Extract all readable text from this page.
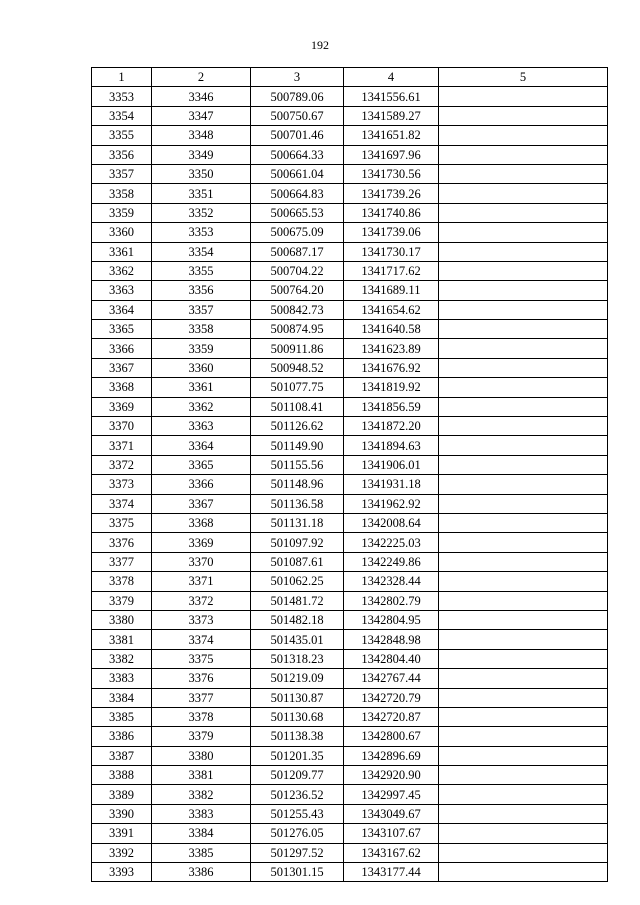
192
1	2	3	4	5
3353	3346	500789.06	1341556.61	
3354	3347	500750.67	1341589.27	
3355	3348	500701.46	1341651.82	
3356	3349	500664.33	1341697.96	
3357	3350	500661.04	1341730.56	
3358	3351	500664.83	1341739.26	
3359	3352	500665.53	1341740.86	
3360	3353	500675.09	1341739.06	
3361	3354	500687.17	1341730.17	
3362	3355	500704.22	1341717.62	
3363	3356	500764.20	1341689.11	
3364	3357	500842.73	1341654.62	
3365	3358	500874.95	1341640.58	
3366	3359	500911.86	1341623.89	
3367	3360	500948.52	1341676.92	
3368	3361	501077.75	1341819.92	
3369	3362	501108.41	1341856.59	
3370	3363	501126.62	1341872.20	
3371	3364	501149.90	1341894.63	
3372	3365	501155.56	1341906.01	
3373	3366	501148.96	1341931.18	
3374	3367	501136.58	1341962.92	
3375	3368	501131.18	1342008.64	
3376	3369	501097.92	1342225.03	
3377	3370	501087.61	1342249.86	
3378	3371	501062.25	1342328.44	
3379	3372	501481.72	1342802.79	
3380	3373	501482.18	1342804.95	
3381	3374	501435.01	1342848.98	
3382	3375	501318.23	1342804.40	
3383	3376	501219.09	1342767.44	
3384	3377	501130.87	1342720.79	
3385	3378	501130.68	1342720.87	
3386	3379	501138.38	1342800.67	
3387	3380	501201.35	1342896.69	
3388	3381	501209.77	1342920.90	
3389	3382	501236.52	1342997.45	
3390	3383	501255.43	1343049.67	
3391	3384	501276.05	1343107.67	
3392	3385	501297.52	1343167.62	
3393	3386	501301.15	1343177.44	
